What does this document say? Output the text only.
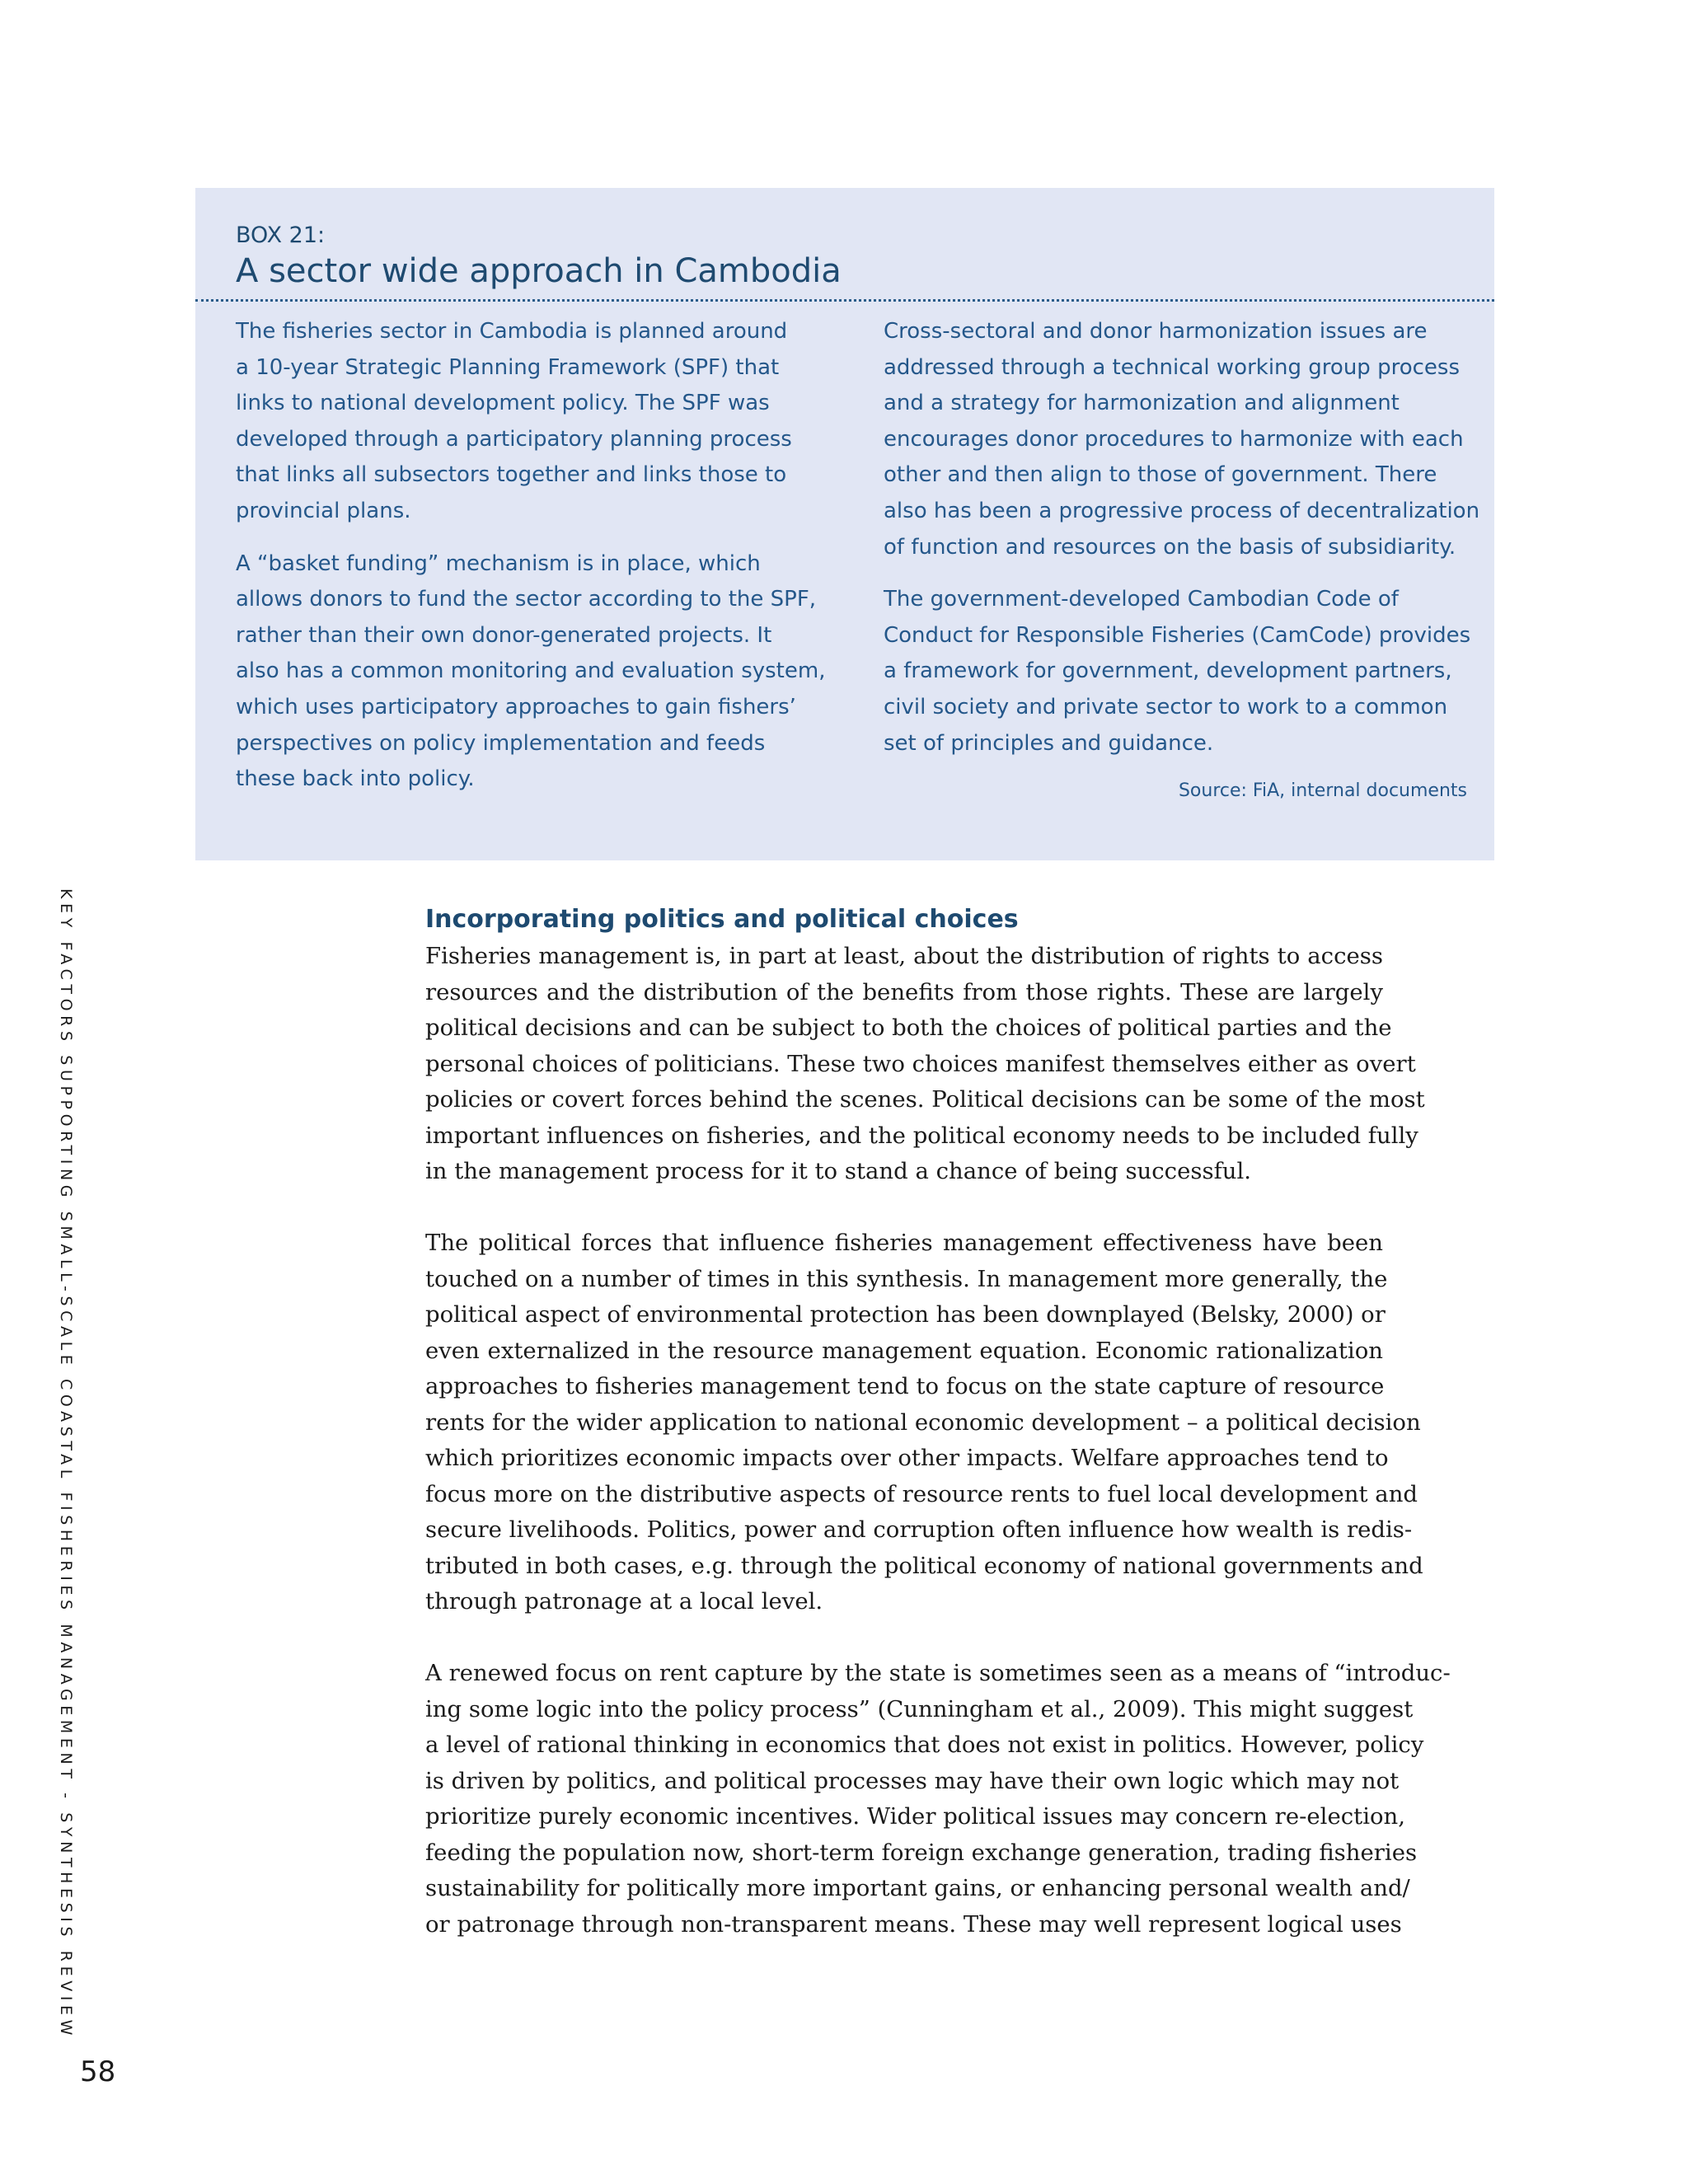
BOX 21:
A sector wide approach in Cambodia

The fisheries sector in Cambodia is planned around
a 10-year Strategic Planning Framework (SPF) that
links to national development policy. The SPF was
developed through a participatory planning process
that links all subsectors together and links those to
provincial plans.

A “basket funding” mechanism is in place, which
allows donors to fund the sector according to the SPF,
rather than their own donor-generated projects. It
also has a common monitoring and evaluation system,
which uses participatory approaches to gain fishers’
perspectives on policy implementation and feeds
these back into policy.

Cross-sectoral and donor harmonization issues are
addressed through a technical working group process
and a strategy for harmonization and alignment
encourages donor procedures to harmonize with each
other and then align to those of government. There
also has been a progressive process of decentralization
of function and resources on the basis of subsidiarity.

The government-developed Cambodian Code of
Conduct for Responsible Fisheries (CamCode) provides
a framework for government, development partners,
civil society and private sector to work to a common
set of principles and guidance.

Source: FiA, internal documents
KEY FACTORS SUPPORTING SMALL-SCALE COASTAL FISHERIES MANAGEMENT - SYNTHESIS REVIEW
58
Incorporating politics and political choices

Fisheries management is, in part at least, about the distribution of rights to access
resources and the distribution of the benefits from those rights. These are largely
political decisions and can be subject to both the choices of political parties and the
personal choices of politicians. These two choices manifest themselves either as overt
policies or covert forces behind the scenes. Political decisions can be some of the most
important influences on fisheries, and the political economy needs to be included fully
in the management process for it to stand a chance of being successful.

The political forces that influence fisheries management effectiveness have been
touched on a number of times in this synthesis. In management more generally, the
political aspect of environmental protection has been downplayed (Belsky, 2000) or
even externalized in the resource management equation. Economic rationalization
approaches to fisheries management tend to focus on the state capture of resource
rents for the wider application to national economic development – a political decision
which prioritizes economic impacts over other impacts. Welfare approaches tend to
focus more on the distributive aspects of resource rents to fuel local development and
secure livelihoods. Politics, power and corruption often influence how wealth is redis-
tributed in both cases, e.g. through the political economy of national governments and
through patronage at a local level.

A renewed focus on rent capture by the state is sometimes seen as a means of “introduc-
ing some logic into the policy process” (Cunningham et al., 2009). This might suggest
a level of rational thinking in economics that does not exist in politics. However, policy
is driven by politics, and political processes may have their own logic which may not
prioritize purely economic incentives. Wider political issues may concern re-election,
feeding the population now, short-term foreign exchange generation, trading fisheries
sustainability for politically more important gains, or enhancing personal wealth and/
or patronage through non-transparent means. These may well represent logical uses
